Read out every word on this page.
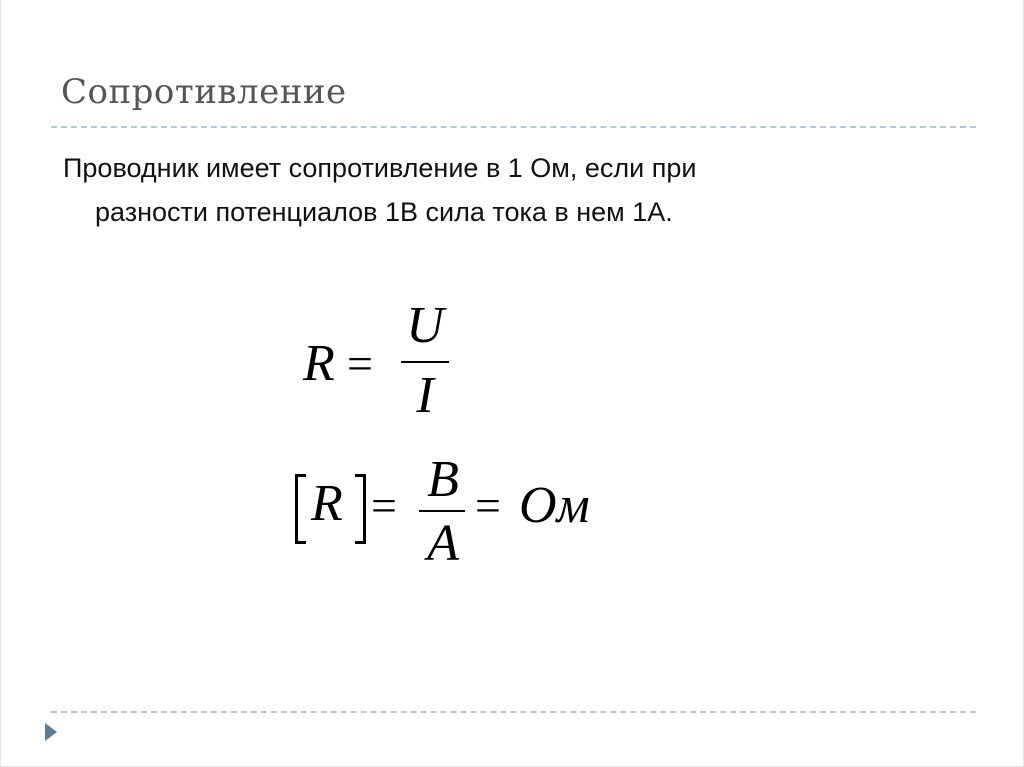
Сопротивление
Проводник имеет сопротивление в 1 Ом, если при
разности потенциалов 1В сила тока в нем 1А.
R =
U
I
R = В
А
= Ом
